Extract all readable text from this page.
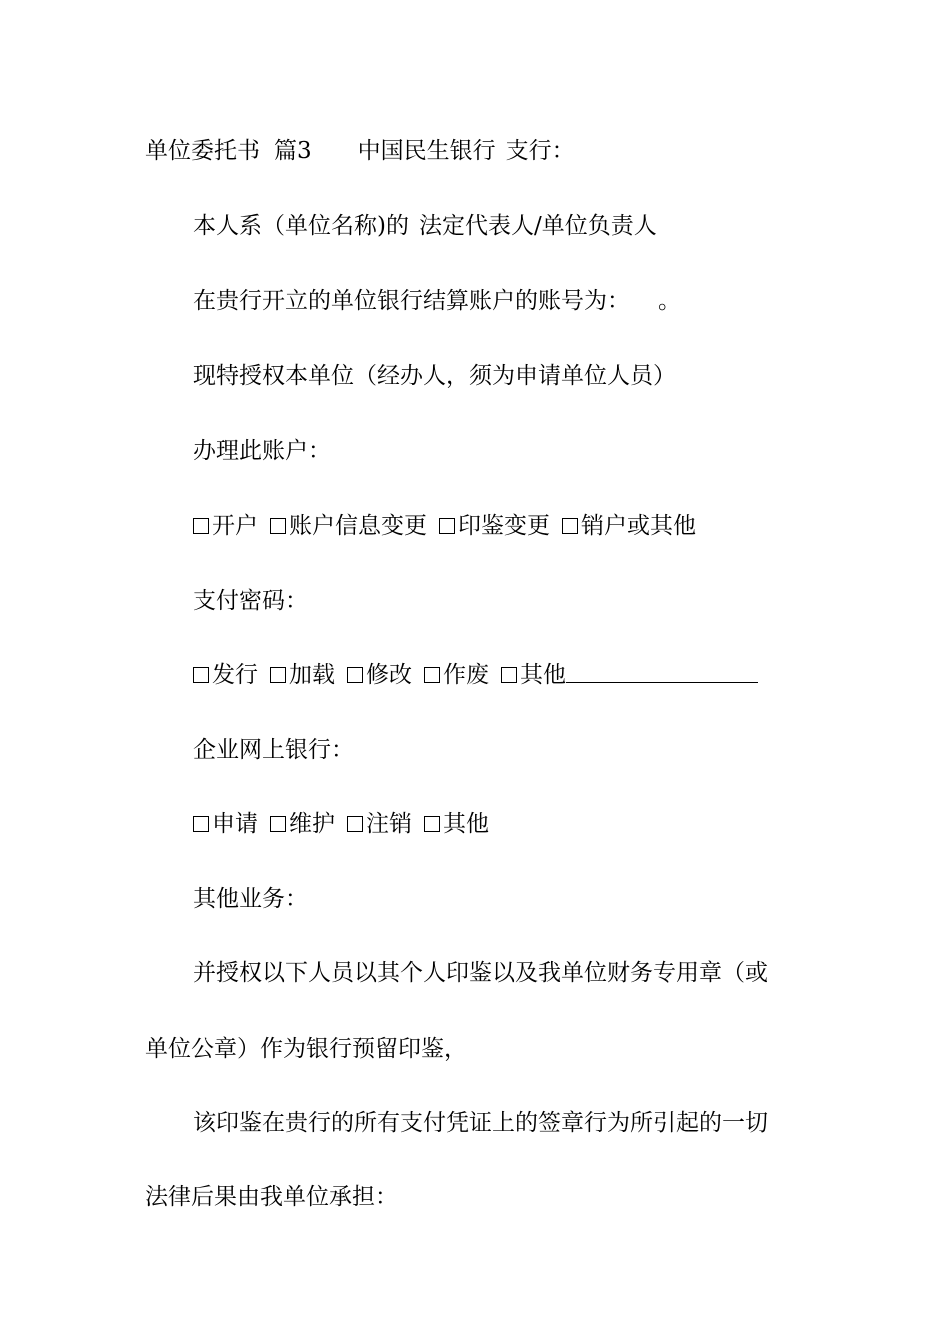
单位委托书 篇3 中国民生银行 支行：
本人系（单位名称)的 法定代表人/单位负责人
在贵行开立的单位银行结算账户的账号为： 。
现特授权本单位（经办人，须为申请单位人员）
办理此账户：
开户 账户信息变更 印鉴变更 销户或其他
支付密码：
发行 加载 修改 作废 其他
企业网上银行：
申请 维护 注销 其他
其他业务：
并授权以下人员以其个人印鉴以及我单位财务专用章（或
单位公章）作为银行预留印鉴，
该印鉴在贵行的所有支付凭证上的签章行为所引起的一切
法律后果由我单位承担：
